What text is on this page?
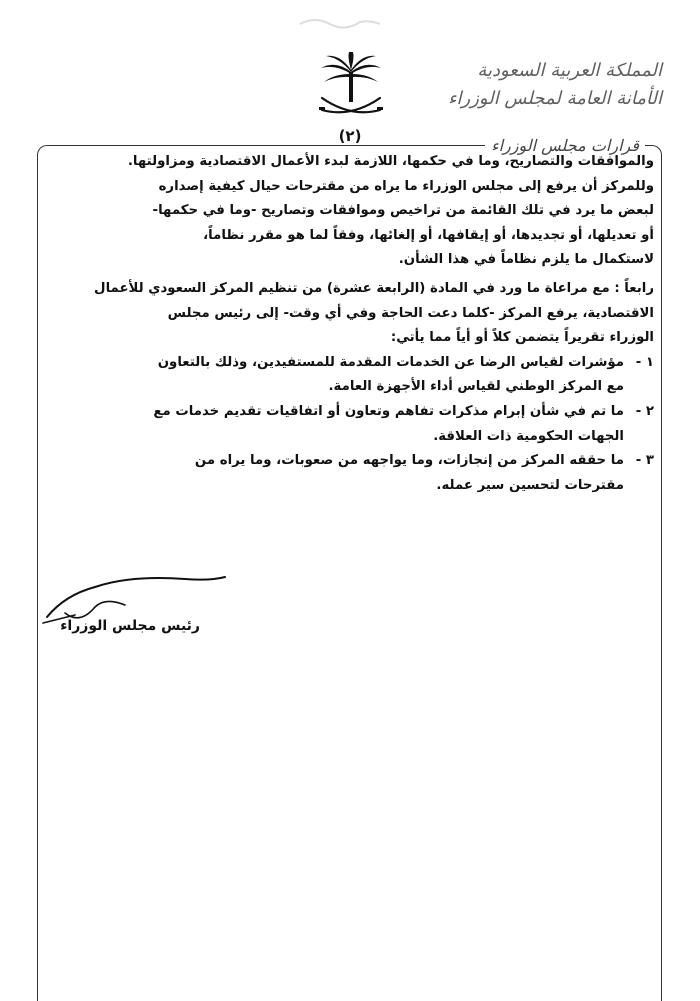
المملكة العربية السعودية
الأمانة العامة لمجلس الوزراء
(٢)	قرارات مجلس الوزراء

والموافقات والتصاريح، وما في حكمها، اللازمة لبدء الأعمال الاقتصادية ومزاولتها.

وللمركز أن يرفع إلى مجلس الوزراء ما يراه من مقترحات حيال كيفية إصداره

لبعض ما يرد في تلك القائمة من تراخيص وموافقات وتصاريح -وما في حكمها-

أو تعديلها، أو تجديدها، أو إيقافها، أو إلغائها، وفقاً لما هو مقرر نظاماً،

لاستكمال ما يلزم نظاماً في هذا الشأن.

رابعاً : مع مراعاة ما ورد في المادة (الرابعة عشرة) من تنظيم المركز السعودي للأعمال

الاقتصادية، يرفع المركز -كلما دعت الحاجة وفي أي وقت- إلى رئيس مجلس

الوزراء تقريراً يتضمن كلاً أو أياً مما يأتي:

١ -

مؤشرات لقياس الرضا عن الخدمات المقدمة للمستفيدين، وذلك بالتعاون

مع المركز الوطني لقياس أداء الأجهزة العامة.

٢ -

ما تم في شأن إبرام مذكرات تفاهم وتعاون أو اتفاقيات تقديم خدمات مع

الجهات الحكومية ذات العلاقة.

٣ -

ما حققه المركز من إنجازات، وما يواجهه من صعوبات، وما يراه من

مقترحات لتحسين سير عمله.

رئيس مجلس الوزراء
